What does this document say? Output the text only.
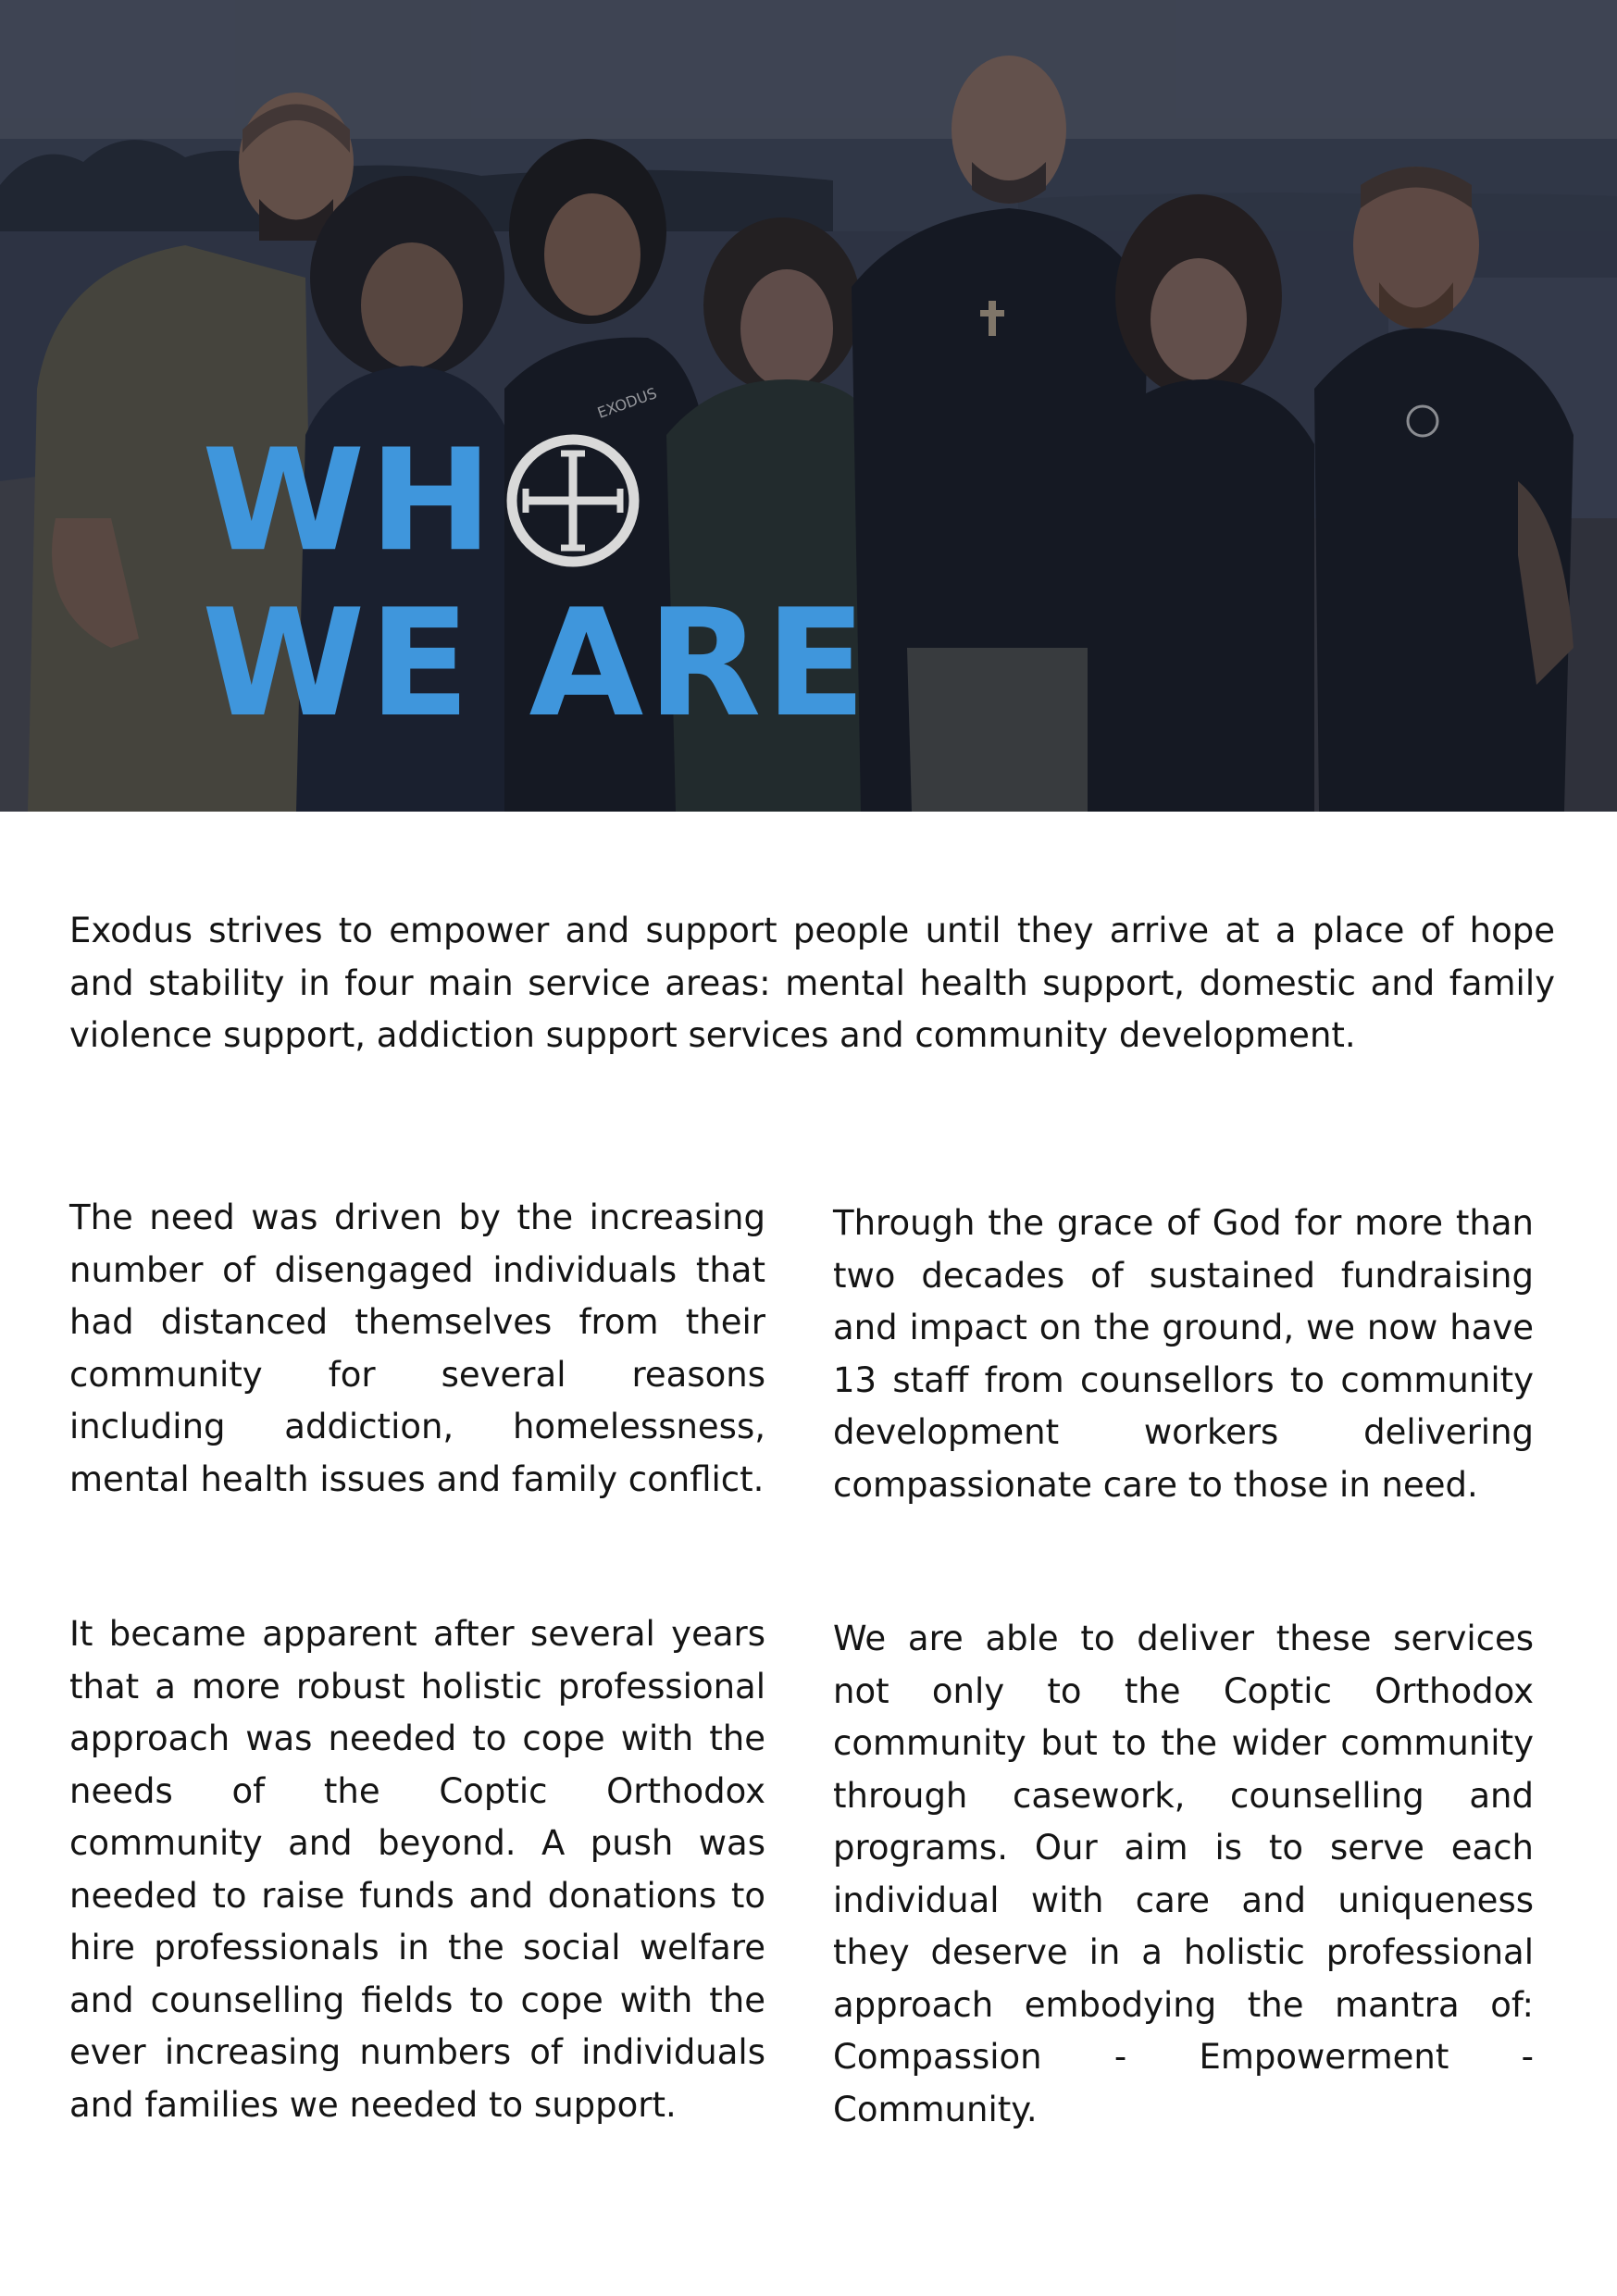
EXODUS
WH
WE ARE

Exodus strives to empower and support people until they arrive at a place of hope and stability in four main service areas: mental health support, domestic and family violence support, addiction support services and community development.

The need was driven by the increasing number of disengaged individuals that had distanced themselves from their community for several reasons including addiction, homelessness, mental health issues and family conflict.

It became apparent after several years that a more robust holistic professional approach was needed to cope with the needs of the Coptic Orthodox community and beyond. A push was needed to raise funds and donations to hire professionals in the social welfare and counselling fields to cope with the ever increasing numbers of individuals and families we needed to support.

Through the grace of God for more than two decades of sustained fundraising and impact on the ground, we now have 13 staff from counsellors to community development workers delivering compassionate care to those in need.

We are able to deliver these services not only to the Coptic Orthodox community but to the wider community through casework, counselling and programs. Our aim is to serve each individual with care and uniqueness they deserve in a holistic professional approach embodying the mantra of: Compassion - Empowerment - Community.
